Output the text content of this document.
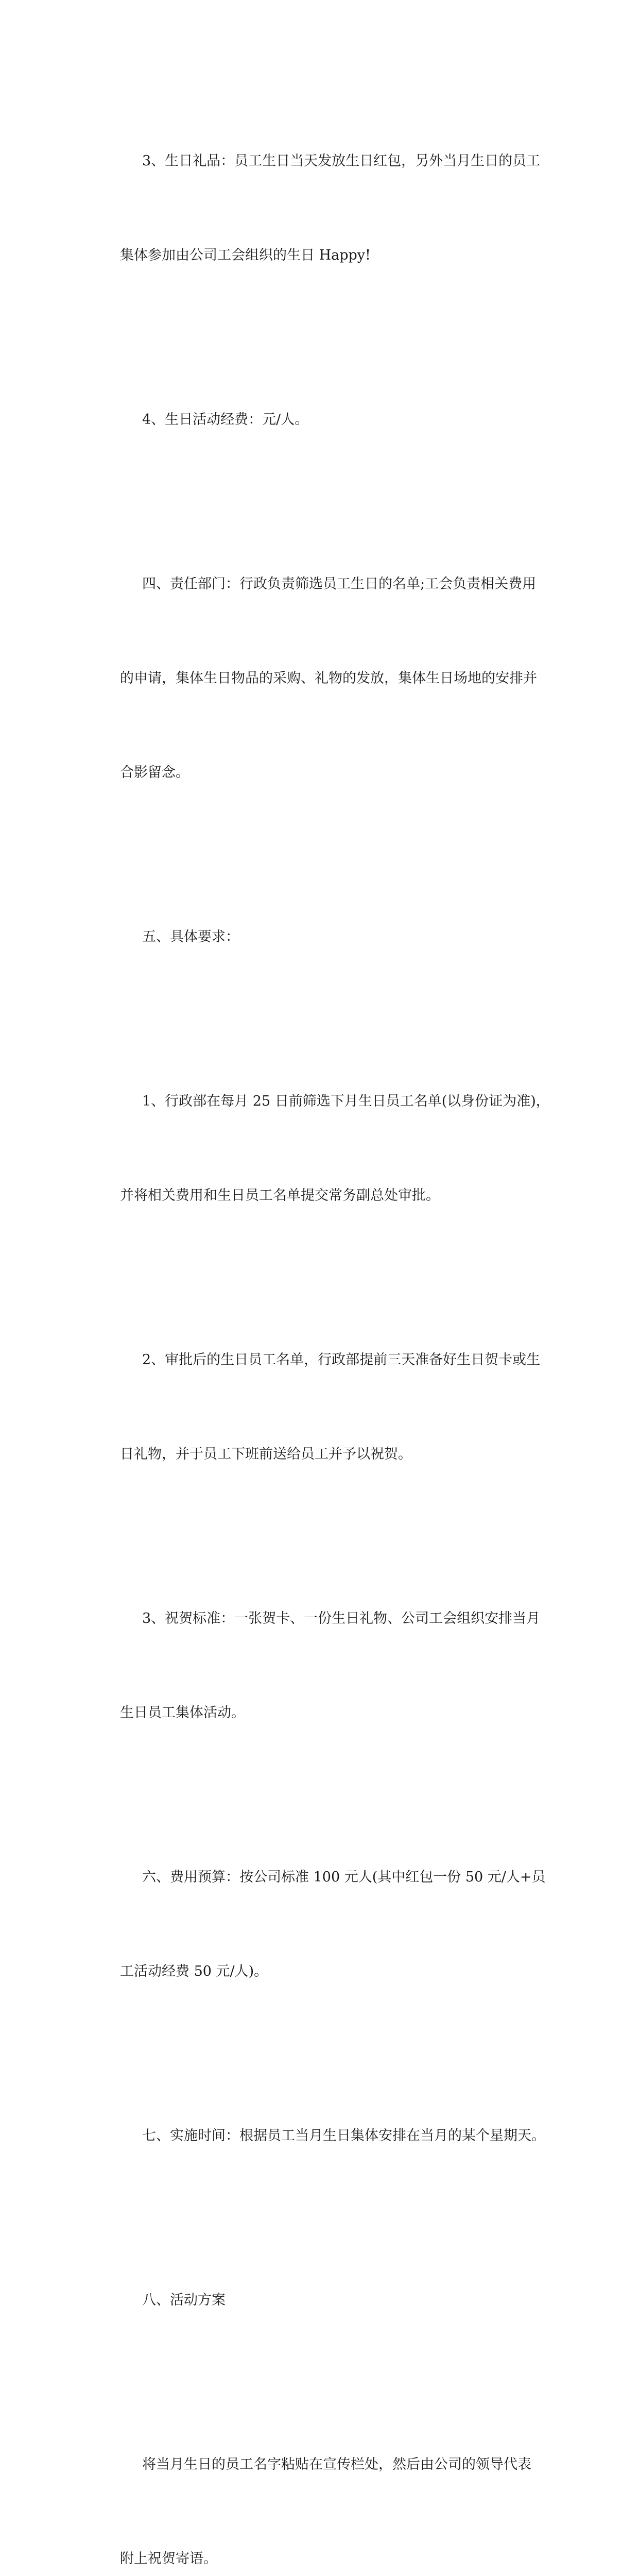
3、生日礼品：员工生日当天发放生日红包，另外当月生日的员工

集体参加由公司工会组织的生日 Happy!

4、生日活动经费：元/人。

四、责任部门：行政负责筛选员工生日的名单;工会负责相关费用

的申请，集体生日物品的采购、礼物的发放，集体生日场地的安排并

合影留念。

五、具体要求：

1、行政部在每月 25 日前筛选下月生日员工名单(以身份证为准)，

并将相关费用和生日员工名单提交常务副总处审批。

2、审批后的生日员工名单，行政部提前三天准备好生日贺卡或生

日礼物，并于员工下班前送给员工并予以祝贺。

3、祝贺标准：一张贺卡、一份生日礼物、公司工会组织安排当月

生日员工集体活动。

六、费用预算：按公司标准 100 元人(其中红包一份 50 元/人+员

工活动经费 50 元/人)。

七、实施时间：根据员工当月生日集体安排在当月的某个星期天。

八、活动方案

将当月生日的员工名字粘贴在宣传栏处，然后由公司的领导代表

附上祝贺寄语。
